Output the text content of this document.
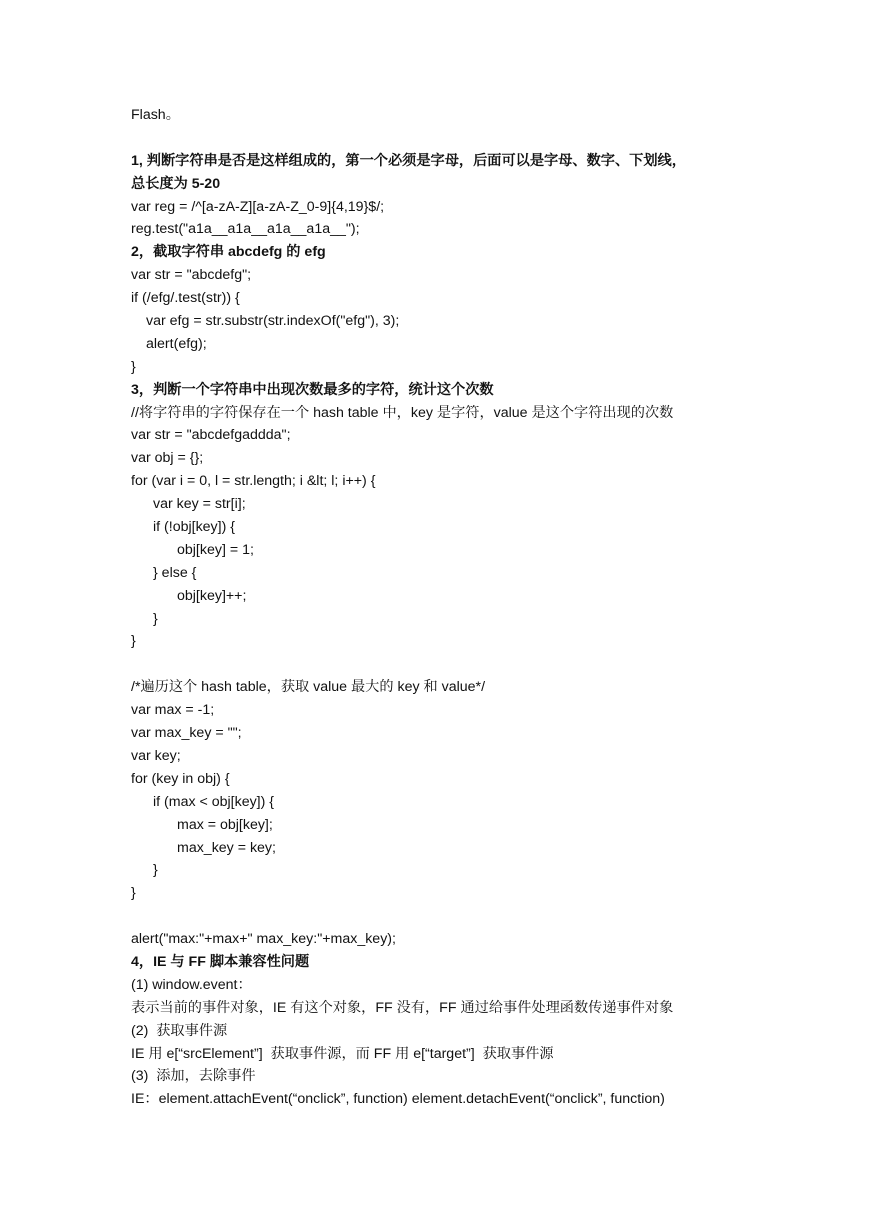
Flash。
1, 判断字符串是否是这样组成的，第一个必须是字母，后面可以是字母、数字、下划线，
总长度为 5-20
var reg = /^[a-zA-Z][a-zA-Z_0-9]{4,19}$/;
reg.test("a1a__a1a__a1a__a1a__");
2，截取字符串 abcdefg 的 efg
var str = "abcdefg";
if (/efg/.test(str)) {
var efg = str.substr(str.indexOf("efg"), 3);
alert(efg);
}
3，判断一个字符串中出现次数最多的字符，统计这个次数
//将字符串的字符保存在一个 hash table 中，key 是字符，value 是这个字符出现的次数
var str = "abcdefgaddda";
var obj = {};
for (var i = 0, l = str.length; i &lt; l; i++) {
var key = str[i];
if (!obj[key]) {
obj[key] = 1;
} else {
obj[key]++;
}
}
/*遍历这个 hash table，获取 value 最大的 key 和 value*/
var max = -1;
var max_key = "";
var key;
for (key in obj) {
if (max < obj[key]) {
max = obj[key];
max_key = key;
}
}
alert("max:"+max+" max_key:"+max_key);
4，IE 与 FF 脚本兼容性问题
(1) window.event：
表示当前的事件对象，IE 有这个对象，FF 没有，FF 通过给事件处理函数传递事件对象
(2)  获取事件源
IE 用 e[“srcElement”]  获取事件源，而 FF 用 e[“target”]  获取事件源
(3)  添加，去除事件
IE：element.attachEvent(“onclick”, function) element.detachEvent(“onclick”, function)
